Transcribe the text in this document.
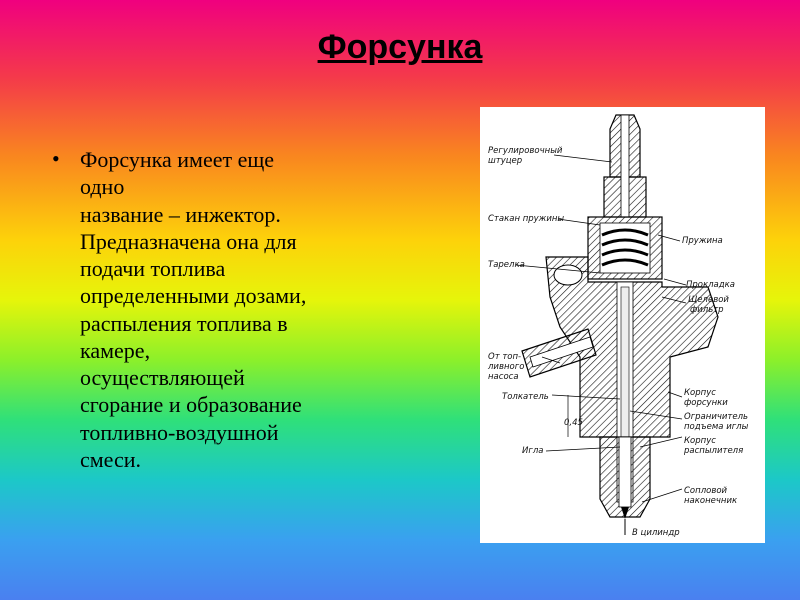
Форсунка
• Форсунка имеет еще
одно
название – инжектор.
Предназначена она для
подачи топлива
определенными дозами,
распыления топлива в
камере,
осуществляющей
сгорание и образование
топливно-воздушной
смеси.
Регулировочный
штуцер
Стакан пружины
Пружина
Тарелка
Прокладка
Щелевой
фильтр
От топ-
ливного
насоса
Толкатель	Корпус
форсунки
Ограничитель
подъема иглы
0,45
Игла
Корпус
распылителя
Сопловой
наконечник
В цилиндр
